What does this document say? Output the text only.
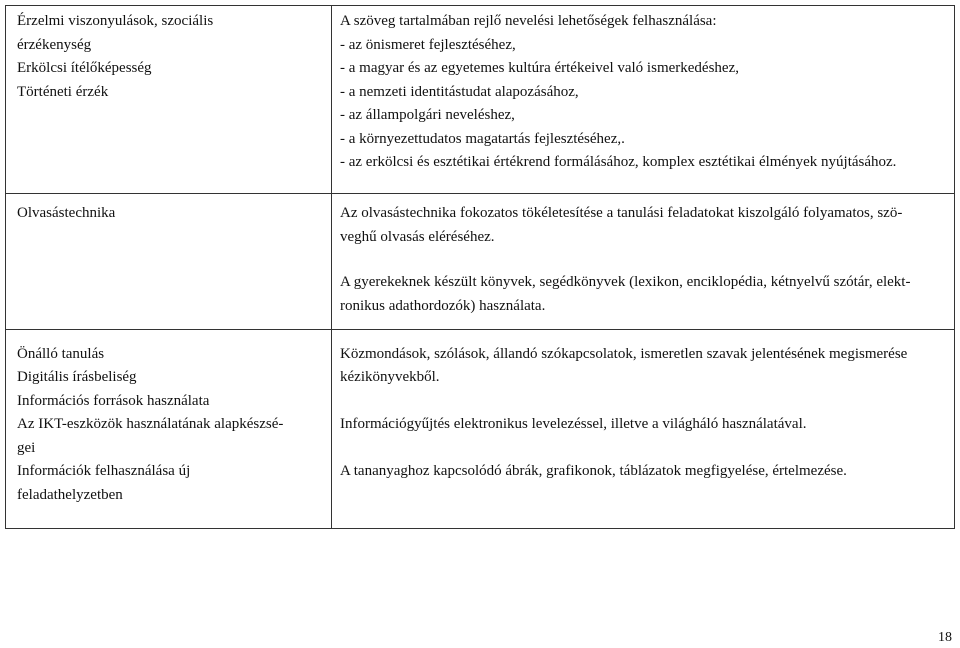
Érzelmi viszonyulások, szociális
érzékenység
Erkölcsi ítélőképesség
Történeti érzék
A szöveg tartalmában rejlő nevelési lehetőségek felhasználása:
- az önismeret fejlesztéséhez,
- a magyar és az egyetemes kultúra értékeivel való ismerkedéshez,
- a nemzeti identitástudat alapozásához,
- az állampolgári neveléshez,
- a környezettudatos magatartás fejlesztéséhez,.
- az erkölcsi és esztétikai értékrend formálásához, komplex esztétikai élmények nyújtásához.
Olvasástechnika	Az olvasástechnika fokozatos tökéletesítése a tanulási feladatokat kiszolgáló folyamatos, szö-
veghű olvasás eléréséhez.
A gyerekeknek készült könyvek, segédkönyvek (lexikon, enciklopédia, kétnyelvű szótár, elekt-
ronikus adathordozók) használata.
Önálló tanulás
Digitális írásbeliség
Információs források használata
Az IKT-eszközök használatának alapkészsé-
gei
Információk felhasználása új
feladathelyzetben
Közmondások, szólások, állandó szókapcsolatok, ismeretlen szavak jelentésének megismerése
kézikönyvekből.
Információgyűjtés elektronikus levelezéssel, illetve a világháló használatával.
A tananyaghoz kapcsolódó ábrák, grafikonok, táblázatok megfigyelése, értelmezése.
18
